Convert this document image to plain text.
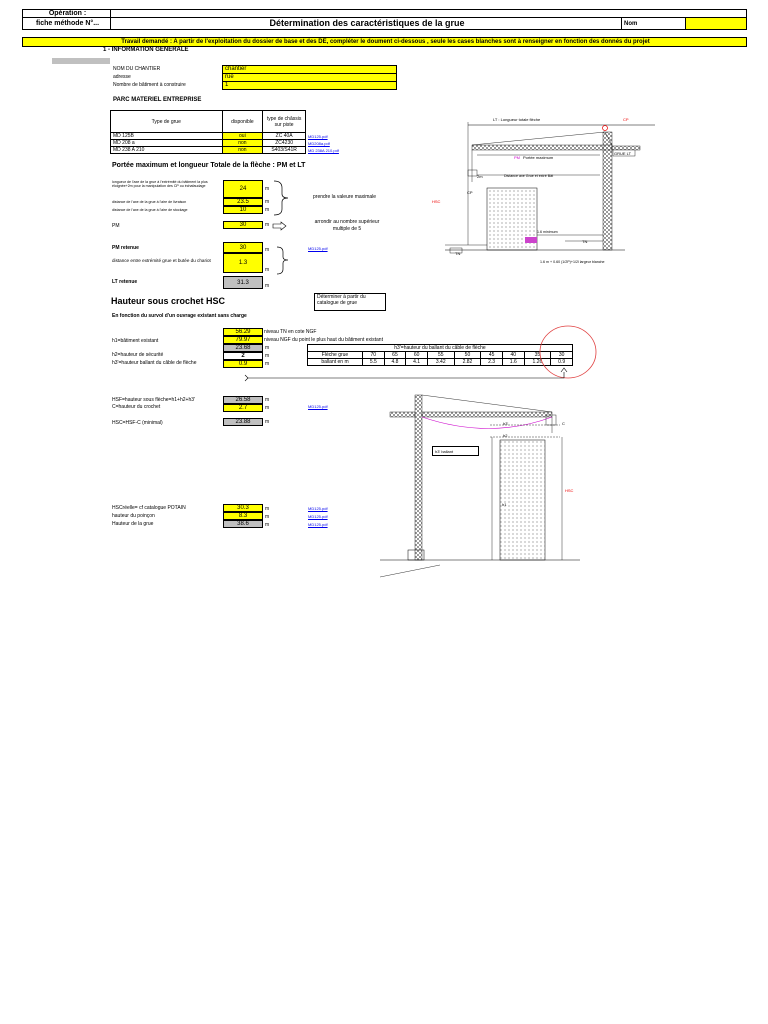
Opération :
fiche méthode N°...	Détermination des caractéristiques de la grue	Nom
Travail demandé : A partir de l'exploitation du dossier de base et des DE, compléter le doument ci-dessous , seule les cases blanches sont à renseigner en fonction des donnés du projet
1 - INFORMATION GENERALE
NOM DU CHANTIER	chantier
adresse	rue
Nombre de bâtiment à construire	1
PARC MATERIEL ENTREPRISE
Type de grue	disponible	type de châssis sur piste
MD 125B	oui	ZC 40A
MD 208 a	non	ZC4230
MD 238 A 210	non	S403/S41R
MD125.pdf
MD208a.pdf
MD 238A 210.pdf
Portée maximum et longueur Totale de la flèche : PM et LT
longueur de l'axe de la grue à l'extrémité du bâtiment la plus éloignée+2m pour la manipulation des CP ou échafaudage	24	m
distance de l'axe de la grue à l'aire de livraison	23.5	m
distance de l'axe de la grue à l'aire de stockage	10	m
prendre la valeure maximale
arrondir au nombre supérieur multiple de 5
PM	30	m
PM retenue	30	m	MD125.pdf
distance entre extrémité grue et butée du chariot	1.3
m
LT retenue	31.3	m
Hauteur sous crochet HSC	Déterminer à partir du catalogue de grue
En fonction du survol d'un ouvrage existant sans charge
56.29	niveau TN en cote NGF
79.97	niveau NGF du point le plus haut du bâtiment existant
h1=bâtiment existant
23.68	m
h2=hauteur de sécurité	2	m
h3'=hauteur ballant du câble de flèche	0.9	m
h3'=hauteur du ballant du câble de flèche									
Flèche grue	70	65	60	55	50	45	40	35	30
ballant en m	5.5	4.8	4.1	3.42	2.82	2.3	1.6	1.26	0.9
HSF=hauteur sous flèche=h1+h2+h3'	26.58	m
C=hauteur du crochet	2.7	m	MD125.pdf
HSC=HSF-C (minimal)	23.88	m
HSCréelle= cf catalogue POTAIN	30.3	m
hauteur du poinçon	8.3	m
Hauteur de la grue	38.6	m
MD125.pdf
MD125.pdf
MD125.pdf
LT : Longueur totale flèche	CP
PM Portée maximum
GRUE LT
2m	Distance axe Grue et extré Bât
HSC
CP
1.6 minimum
TN
1.6 m + 0.60 (1/2P)+1/2l largeur blanche
TN
h3'
h2
C
h3' ballant
HSC
h1
